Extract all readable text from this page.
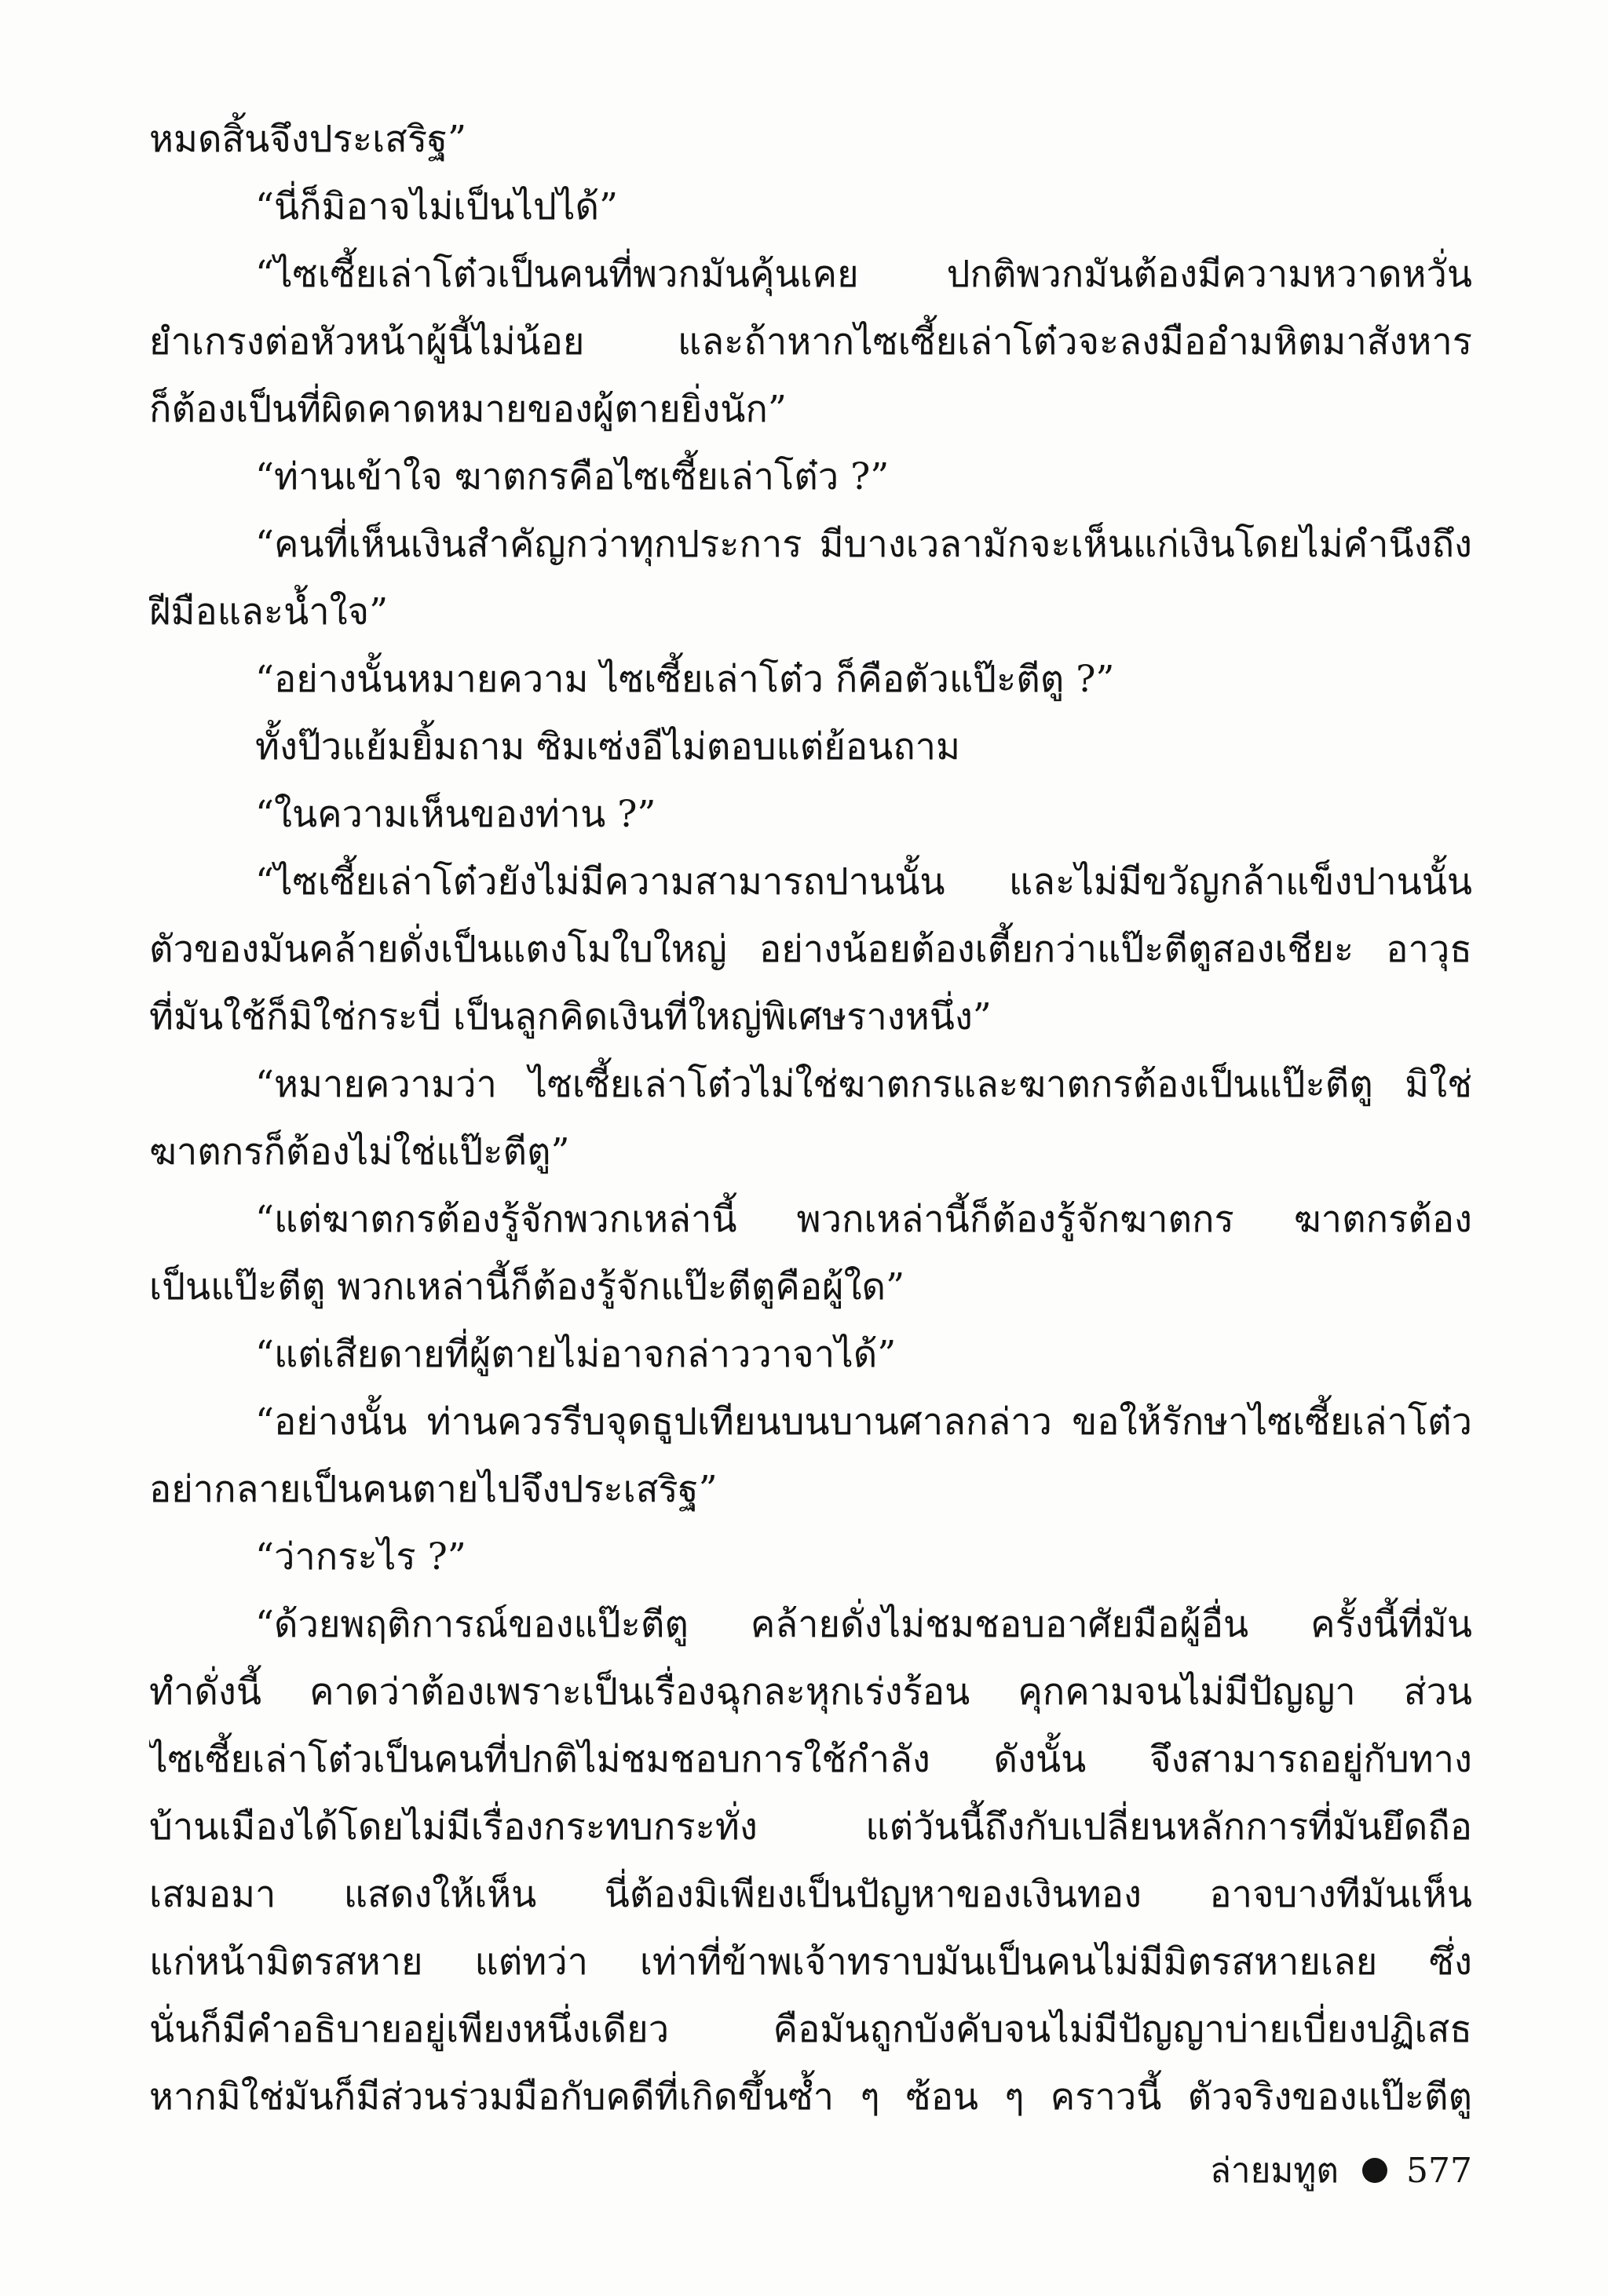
หมดสิ้นจึงประเสริฐ”
“นี่ก็มิอาจไม่เป็นไปได้”
“ไซเซี้ยเล่าโต๋วเป็นคนที่พวกมันคุ้นเคย ปกติพวกมันต้องมีความหวาดหวั่น
ยำเกรงต่อหัวหน้าผู้นี้ไม่น้อย และถ้าหากไซเซี้ยเล่าโต๋วจะลงมืออำมหิตมาสังหาร
ก็ต้องเป็นที่ผิดคาดหมายของผู้ตายยิ่งนัก”
“ท่านเข้าใจ ฆาตกรคือไซเซี้ยเล่าโต๋ว ?”
“คนที่เห็นเงินสำคัญกว่าทุกประการ มีบางเวลามักจะเห็นแก่เงินโดยไม่คำนึงถึง
ฝีมือและน้ำใจ”
“อย่างนั้นหมายความ ไซเซี้ยเล่าโต๋ว ก็คือตัวแป๊ะตีตู ?”
ทั้งป๊วแย้มยิ้มถาม ซิมเซ่งอีไม่ตอบแต่ย้อนถาม
“ในความเห็นของท่าน ?”
“ไซเซี้ยเล่าโต๋วยังไม่มีความสามารถปานนั้น และไม่มีขวัญกล้าแข็งปานนั้น
ตัวของมันคล้ายดั่งเป็นแตงโมใบใหญ่ อย่างน้อยต้องเตี้ยกว่าแป๊ะตีตูสองเชียะ อาวุธ
ที่มันใช้ก็มิใช่กระบี่ เป็นลูกคิดเงินที่ใหญ่พิเศษรางหนึ่ง”
“หมายความว่า ไซเซี้ยเล่าโต๋วไม่ใช่ฆาตกรและฆาตกรต้องเป็นแป๊ะตีตู มิใช่
ฆาตกรก็ต้องไม่ใช่แป๊ะตีตู”
“แต่ฆาตกรต้องรู้จักพวกเหล่านี้ พวกเหล่านี้ก็ต้องรู้จักฆาตกร ฆาตกรต้อง
เป็นแป๊ะตีตู พวกเหล่านี้ก็ต้องรู้จักแป๊ะตีตูคือผู้ใด”
“แต่เสียดายที่ผู้ตายไม่อาจกล่าววาจาได้”
“อย่างนั้น ท่านควรรีบจุดธูปเทียนบนบานศาลกล่าว ขอให้รักษาไซเซี้ยเล่าโต๋ว
อย่ากลายเป็นคนตายไปจึงประเสริฐ”
“ว่ากระไร ?”
“ด้วยพฤติการณ์ของแป๊ะตีตู คล้ายดั่งไม่ชมชอบอาศัยมือผู้อื่น ครั้งนี้ที่มัน
ทำดั่งนี้ คาดว่าต้องเพราะเป็นเรื่องฉุกละหุกเร่งร้อน คุกคามจนไม่มีปัญญา ส่วน
ไซเซี้ยเล่าโต๋วเป็นคนที่ปกติไม่ชมชอบการใช้กำลัง ดังนั้น จึงสามารถอยู่กับทาง
บ้านเมืองได้โดยไม่มีเรื่องกระทบกระทั่ง แต่วันนี้ถึงกับเปลี่ยนหลักการที่มันยึดถือ
เสมอมา แสดงให้เห็น นี่ต้องมิเพียงเป็นปัญหาของเงินทอง อาจบางทีมันเห็น
แก่หน้ามิตรสหาย แต่ทว่า เท่าที่ข้าพเจ้าทราบมันเป็นคนไม่มีมิตรสหายเลย ซึ่ง
นั่นก็มีคำอธิบายอยู่เพียงหนึ่งเดียว คือมันถูกบังคับจนไม่มีปัญญาบ่ายเบี่ยงปฏิเสธ
หากมิใช่มันก็มีส่วนร่วมมือกับคดีที่เกิดขึ้นซ้ำ ๆ ซ้อน ๆ คราวนี้ ตัวจริงของแป๊ะตีตู
ล่ายมทูต 577
